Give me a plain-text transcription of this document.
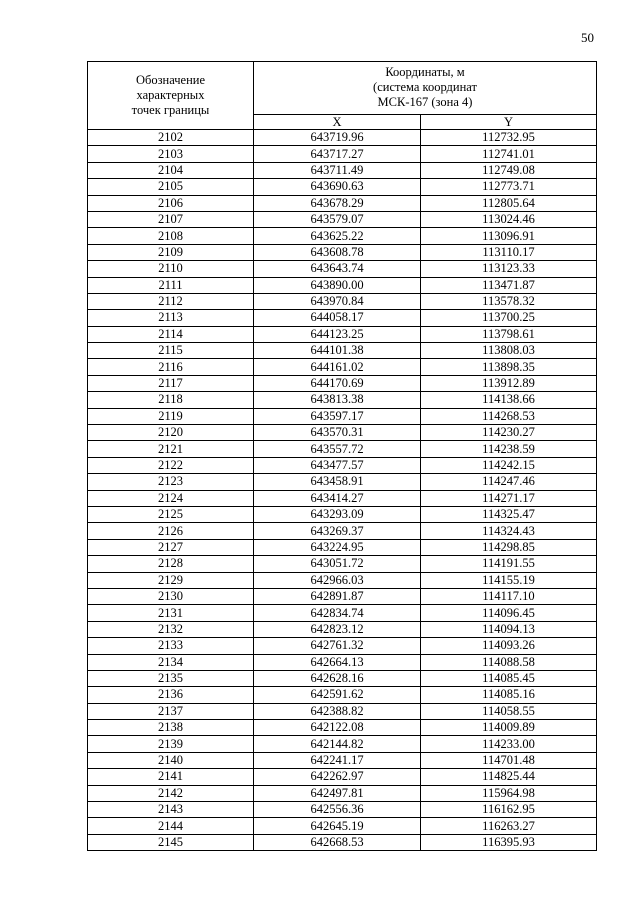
50
Обозначение
характерных
точек границы	Координаты, м
(система координат
МСК-167 (зона 4)	

	X	Y
2102	643719.96	112732.95
2103	643717.27	112741.01
2104	643711.49	112749.08
2105	643690.63	112773.71
2106	643678.29	112805.64
2107	643579.07	113024.46
2108	643625.22	113096.91
2109	643608.78	113110.17
2110	643643.74	113123.33
2111	643890.00	113471.87
2112	643970.84	113578.32
2113	644058.17	113700.25
2114	644123.25	113798.61
2115	644101.38	113808.03
2116	644161.02	113898.35
2117	644170.69	113912.89
2118	643813.38	114138.66
2119	643597.17	114268.53
2120	643570.31	114230.27
2121	643557.72	114238.59
2122	643477.57	114242.15
2123	643458.91	114247.46
2124	643414.27	114271.17
2125	643293.09	114325.47
2126	643269.37	114324.43
2127	643224.95	114298.85
2128	643051.72	114191.55
2129	642966.03	114155.19
2130	642891.87	114117.10
2131	642834.74	114096.45
2132	642823.12	114094.13
2133	642761.32	114093.26
2134	642664.13	114088.58
2135	642628.16	114085.45
2136	642591.62	114085.16
2137	642388.82	114058.55
2138	642122.08	114009.89
2139	642144.82	114233.00
2140	642241.17	114701.48
2141	642262.97	114825.44
2142	642497.81	115964.98
2143	642556.36	116162.95
2144	642645.19	116263.27
2145	642668.53	116395.93
